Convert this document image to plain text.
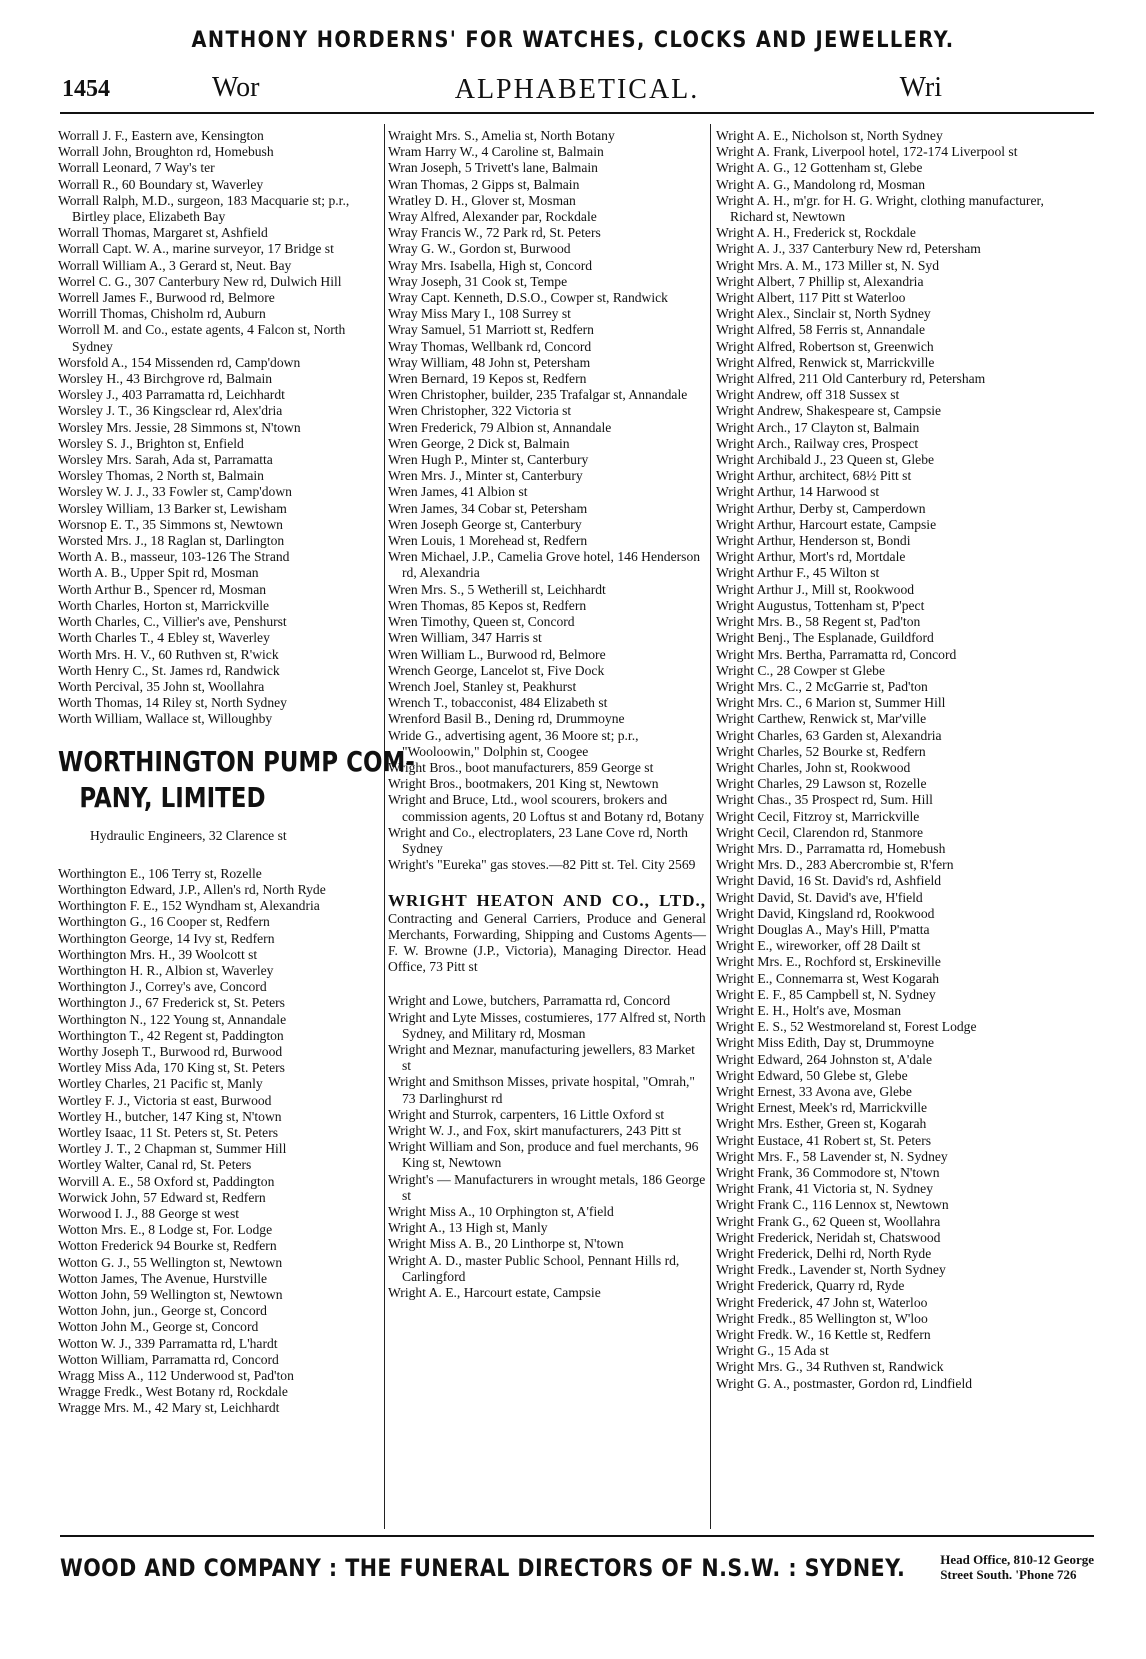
ANTHONY HORDERNS' FOR WATCHES, CLOCKS AND JEWELLERY.
1454	Wor	ALPHABETICAL.	Wri

Worrall J. F., Eastern ave, Kensington

Worrall John, Broughton rd, Homebush

Worrall Leonard, 7 Way's ter

Worrall R., 60 Boundary st, Waverley

Worrall Ralph, M.D., surgeon, 183 Macquarie st; p.r., Birtley place, Elizabeth Bay

Worrall Thomas, Margaret st, Ashfield

Worrall Capt. W. A., marine surveyor, 17 Bridge st

Worrall William A., 3 Gerard st, Neut. Bay

Worrel C. G., 307 Canterbury New rd, Dulwich Hill

Worrell James F., Burwood rd, Belmore

Worrill Thomas, Chisholm rd, Auburn

Worroll M. and Co., estate agents, 4 Falcon st, North Sydney

Worsfold A., 154 Missenden rd, Camp'down

Worsley H., 43 Birchgrove rd, Balmain

Worsley J., 403 Parramatta rd, Leichhardt

Worsley J. T., 36 Kingsclear rd, Alex'dria

Worsley Mrs. Jessie, 28 Simmons st, N'town

Worsley S. J., Brighton st, Enfield

Worsley Mrs. Sarah, Ada st, Parramatta

Worsley Thomas, 2 North st, Balmain

Worsley W. J. J., 33 Fowler st, Camp'down

Worsley William, 13 Barker st, Lewisham

Worsnop E. T., 35 Simmons st, Newtown

Worsted Mrs. J., 18 Raglan st, Darlington

Worth A. B., masseur, 103-126 The Strand

Worth A. B., Upper Spit rd, Mosman

Worth Arthur B., Spencer rd, Mosman

Worth Charles, Horton st, Marrickville

Worth Charles, C., Villier's ave, Penshurst

Worth Charles T., 4 Ebley st, Waverley

Worth Mrs. H. V., 60 Ruthven st, R'wick

Worth Henry C., St. James rd, Randwick

Worth Percival, 35 John st, Woollahra

Worth Thomas, 14 Riley st, North Sydney

Worth William, Wallace st, Willoughby

WORTHINGTON PUMP COM-
PANY, LIMITED
Hydraulic Engineers, 32 Clarence st

Worthington E., 106 Terry st, Rozelle

Worthington Edward, J.P., Allen's rd, North Ryde

Worthington F. E., 152 Wyndham st, Alexandria

Worthington G., 16 Cooper st, Redfern

Worthington George, 14 Ivy st, Redfern

Worthington Mrs. H., 39 Woolcott st

Worthington H. R., Albion st, Waverley

Worthington J., Correy's ave, Concord

Worthington J., 67 Frederick st, St. Peters

Worthington N., 122 Young st, Annandale

Worthington T., 42 Regent st, Paddington

Worthy Joseph T., Burwood rd, Burwood

Wortley Miss Ada, 170 King st, St. Peters

Wortley Charles, 21 Pacific st, Manly

Wortley F. J., Victoria st east, Burwood

Wortley H., butcher, 147 King st, N'town

Wortley Isaac, 11 St. Peters st, St. Peters

Wortley J. T., 2 Chapman st, Summer Hill

Wortley Walter, Canal rd, St. Peters

Worvill A. E., 58 Oxford st, Paddington

Worwick John, 57 Edward st, Redfern

Worwood I. J., 88 George st west

Wotton Mrs. E., 8 Lodge st, For. Lodge

Wotton Frederick 94 Bourke st, Redfern

Wotton G. J., 55 Wellington st, Newtown

Wotton James, The Avenue, Hurstville

Wotton John, 59 Wellington st, Newtown

Wotton John, jun., George st, Concord

Wotton John M., George st, Concord

Wotton W. J., 339 Parramatta rd, L'hardt

Wotton William, Parramatta rd, Concord

Wragg Miss A., 112 Underwood st, Pad'ton

Wragge Fredk., West Botany rd, Rockdale

Wragge Mrs. M., 42 Mary st, Leichhardt

Wraight Mrs. S., Amelia st, North Botany

Wram Harry W., 4 Caroline st, Balmain

Wran Joseph, 5 Trivett's lane, Balmain

Wran Thomas, 2 Gipps st, Balmain

Wratley D. H., Glover st, Mosman

Wray Alfred, Alexander par, Rockdale

Wray Francis W., 72 Park rd, St. Peters

Wray G. W., Gordon st, Burwood

Wray Mrs. Isabella, High st, Concord

Wray Joseph, 31 Cook st, Tempe

Wray Capt. Kenneth, D.S.O., Cowper st, Randwick

Wray Miss Mary I., 108 Surrey st

Wray Samuel, 51 Marriott st, Redfern

Wray Thomas, Wellbank rd, Concord

Wray William, 48 John st, Petersham

Wren Bernard, 19 Kepos st, Redfern

Wren Christopher, builder, 235 Trafalgar st, Annandale

Wren Christopher, 322 Victoria st

Wren Frederick, 79 Albion st, Annandale

Wren George, 2 Dick st, Balmain

Wren Hugh P., Minter st, Canterbury

Wren Mrs. J., Minter st, Canterbury

Wren James, 41 Albion st

Wren James, 34 Cobar st, Petersham

Wren Joseph George st, Canterbury

Wren Louis, 1 Morehead st, Redfern

Wren Michael, J.P., Camelia Grove hotel, 146 Henderson rd, Alexandria

Wren Mrs. S., 5 Wetherill st, Leichhardt

Wren Thomas, 85 Kepos st, Redfern

Wren Timothy, Queen st, Concord

Wren William, 347 Harris st

Wren William L., Burwood rd, Belmore

Wrench George, Lancelot st, Five Dock

Wrench Joel, Stanley st, Peakhurst

Wrench T., tobacconist, 484 Elizabeth st

Wrenford Basil B., Dening rd, Drummoyne

Wride G., advertising agent, 36 Moore st; p.r., "Wooloowin," Dolphin st, Coogee

Wright Bros., boot manufacturers, 859 George st

Wright Bros., bootmakers, 201 King st, Newtown

Wright and Bruce, Ltd., wool scourers, brokers and commission agents, 20 Loftus st and Botany rd, Botany

Wright and Co., electroplaters, 23 Lane Cove rd, North Sydney

Wright's "Eureka" gas stoves.—82 Pitt st. Tel. City 2569

WRIGHT HEATON AND CO., LTD., Contracting and General Carriers, Produce and General Merchants, Forwarding, Shipping and Customs Agents—F. W. Browne (J.P., Victoria), Managing Director. Head Office, 73 Pitt st

Wright and Lowe, butchers, Parramatta rd, Concord

Wright and Lyte Misses, costumieres, 177 Alfred st, North Sydney, and Military rd, Mosman

Wright and Meznar, manufacturing jewellers, 83 Market st

Wright and Smithson Misses, private hospital, "Omrah," 73 Darlinghurst rd

Wright and Sturrok, carpenters, 16 Little Oxford st

Wright W. J., and Fox, skirt manufacturers, 243 Pitt st

Wright William and Son, produce and fuel merchants, 96 King st, Newtown

Wright's — Manufacturers in wrought metals, 186 George st

Wright Miss A., 10 Orphington st, A'field

Wright A., 13 High st, Manly

Wright Miss A. B., 20 Linthorpe st, N'town

Wright A. D., master Public School, Pennant Hills rd, Carlingford

Wright A. E., Harcourt estate, Campsie

Wright A. E., Nicholson st, North Sydney

Wright A. Frank, Liverpool hotel, 172-174 Liverpool st

Wright A. G., 12 Gottenham st, Glebe

Wright A. G., Mandolong rd, Mosman

Wright A. H., m'gr. for H. G. Wright, clothing manufacturer, Richard st, Newtown

Wright A. H., Frederick st, Rockdale

Wright A. J., 337 Canterbury New rd, Petersham

Wright Mrs. A. M., 173 Miller st, N. Syd

Wright Albert, 7 Phillip st, Alexandria

Wright Albert, 117 Pitt st Waterloo

Wright Alex., Sinclair st, North Sydney

Wright Alfred, 58 Ferris st, Annandale

Wright Alfred, Robertson st, Greenwich

Wright Alfred, Renwick st, Marrickville

Wright Alfred, 211 Old Canterbury rd, Petersham

Wright Andrew, off 318 Sussex st

Wright Andrew, Shakespeare st, Campsie

Wright Arch., 17 Clayton st, Balmain

Wright Arch., Railway cres, Prospect

Wright Archibald J., 23 Queen st, Glebe

Wright Arthur, architect, 68½ Pitt st

Wright Arthur, 14 Harwood st

Wright Arthur, Derby st, Camperdown

Wright Arthur, Harcourt estate, Campsie

Wright Arthur, Henderson st, Bondi

Wright Arthur, Mort's rd, Mortdale

Wright Arthur F., 45 Wilton st

Wright Arthur J., Mill st, Rookwood

Wright Augustus, Tottenham st, P'pect

Wright Mrs. B., 58 Regent st, Pad'ton

Wright Benj., The Esplanade, Guildford

Wright Mrs. Bertha, Parramatta rd, Concord

Wright C., 28 Cowper st Glebe

Wright Mrs. C., 2 McGarrie st, Pad'ton

Wright Mrs. C., 6 Marion st, Summer Hill

Wright Carthew, Renwick st, Mar'ville

Wright Charles, 63 Garden st, Alexandria

Wright Charles, 52 Bourke st, Redfern

Wright Charles, John st, Rookwood

Wright Charles, 29 Lawson st, Rozelle

Wright Chas., 35 Prospect rd, Sum. Hill

Wright Cecil, Fitzroy st, Marrickville

Wright Cecil, Clarendon rd, Stanmore

Wright Mrs. D., Parramatta rd, Homebush

Wright Mrs. D., 283 Abercrombie st, R'fern

Wright David, 16 St. David's rd, Ashfield

Wright David, St. David's ave, H'field

Wright David, Kingsland rd, Rookwood

Wright Douglas A., May's Hill, P'matta

Wright E., wireworker, off 28 Dailt st

Wright Mrs. E., Rochford st, Erskineville

Wright E., Connemarra st, West Kogarah

Wright E. F., 85 Campbell st, N. Sydney

Wright E. H., Holt's ave, Mosman

Wright E. S., 52 Westmoreland st, Forest Lodge

Wright Miss Edith, Day st, Drummoyne

Wright Edward, 264 Johnston st, A'dale

Wright Edward, 50 Glebe st, Glebe

Wright Ernest, 33 Avona ave, Glebe

Wright Ernest, Meek's rd, Marrickville

Wright Mrs. Esther, Green st, Kogarah

Wright Eustace, 41 Robert st, St. Peters

Wright Mrs. F., 58 Lavender st, N. Sydney

Wright Frank, 36 Commodore st, N'town

Wright Frank, 41 Victoria st, N. Sydney

Wright Frank C., 116 Lennox st, Newtown

Wright Frank G., 62 Queen st, Woollahra

Wright Frederick, Neridah st, Chatswood

Wright Frederick, Delhi rd, North Ryde

Wright Fredk., Lavender st, North Sydney

Wright Frederick, Quarry rd, Ryde

Wright Frederick, 47 John st, Waterloo

Wright Fredk., 85 Wellington st, W'loo

Wright Fredk. W., 16 Kettle st, Redfern

Wright G., 15 Ada st

Wright Mrs. G., 34 Ruthven st, Randwick

Wright G. A., postmaster, Gordon rd, Lindfield

WOOD AND COMPANY : THE FUNERAL DIRECTORS OF N.S.W. : SYDNEY.	Head Office, 810-12 George
Street South. 'Phone 726
